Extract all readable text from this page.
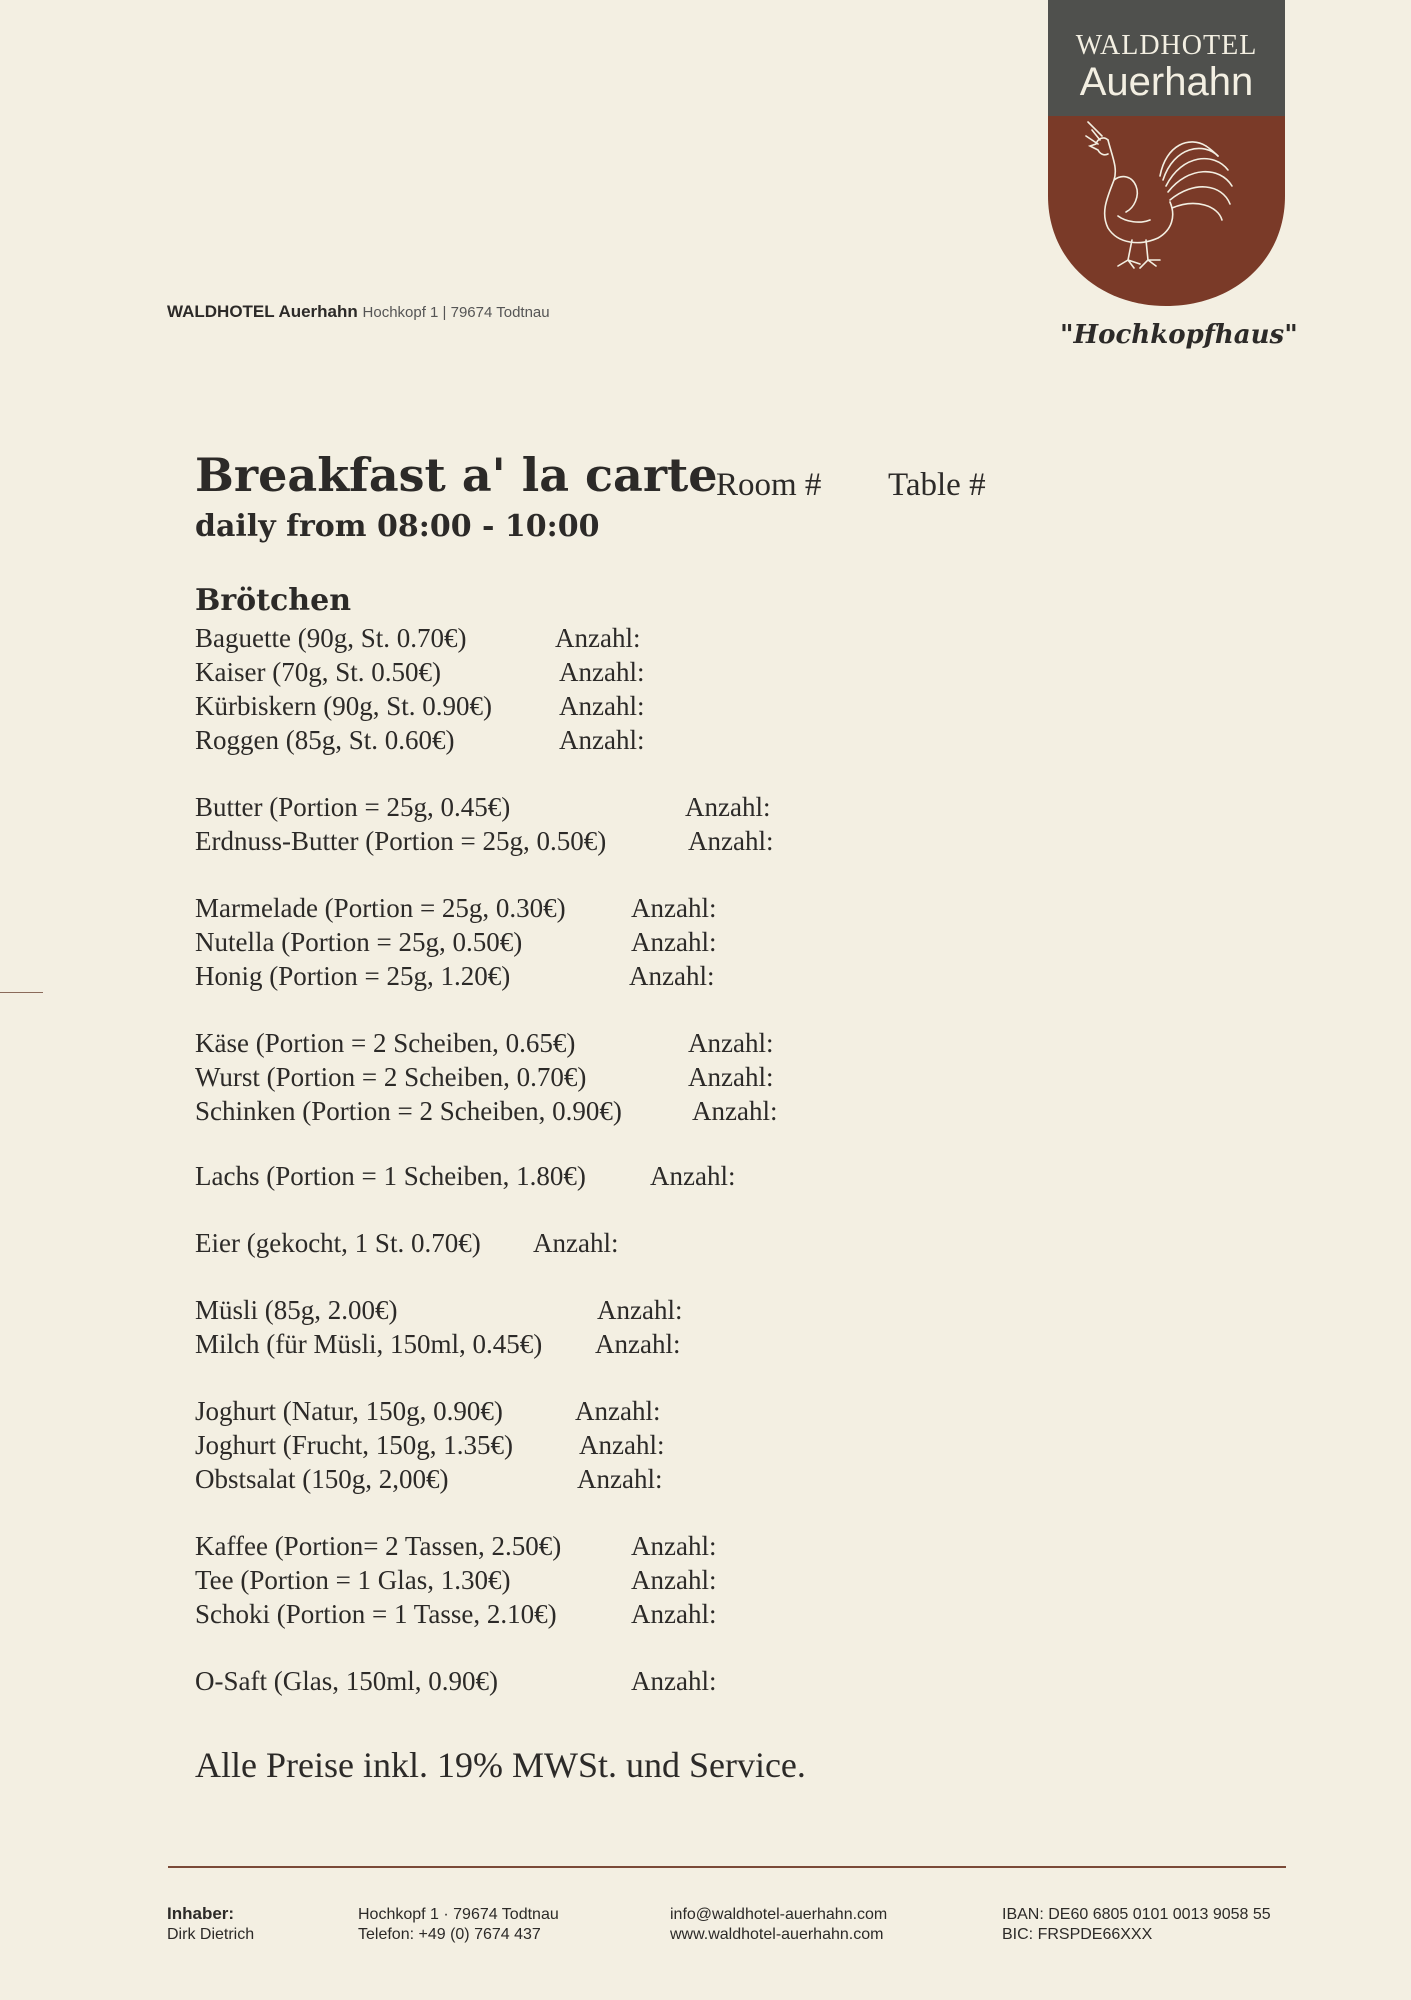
WALDHOTEL
Auerhahn
"Hochkopfhaus"
WALDHOTEL Auerhahn Hochkopf 1 | 79674 Todtnau
Breakfast a' la carte
Room # Table #
daily from 08:00 - 10:00
Brötchen
Baguette (90g, St. 0.70€)	Anzahl:
Kaiser (70g, St. 0.50€)	Anzahl:
Kürbiskern (90g, St. 0.90€) Anzahl:
Roggen (85g, St. 0.60€)	Anzahl:
Butter (Portion = 25g, 0.45€)	Anzahl:
Erdnuss-Butter (Portion = 25g, 0.50€)	Anzahl:
Marmelade (Portion = 25g, 0.30€) Anzahl:
Nutella (Portion = 25g, 0.50€)	Anzahl:
Honig (Portion = 25g, 1.20€)	Anzahl:
Käse (Portion = 2 Scheiben, 0.65€)	Anzahl:
Wurst (Portion = 2 Scheiben, 0.70€)	Anzahl:
Schinken (Portion = 2 Scheiben, 0.90€)	Anzahl:
Lachs (Portion = 1 Scheiben, 1.80€) Anzahl:
Eier (gekocht, 1 St. 0.70€) Anzahl:
Müsli (85g, 2.00€)	Anzahl:
Milch (für Müsli, 150ml, 0.45€) Anzahl:
Joghurt (Natur, 150g, 0.90€)	Anzahl:
Joghurt (Frucht, 150g, 1.35€) Anzahl:
Obstsalat (150g, 2,00€)	Anzahl:
Kaffee (Portion= 2 Tassen, 2.50€)	Anzahl:
Tee (Portion = 1 Glas, 1.30€)	Anzahl:
Schoki (Portion = 1 Tasse, 2.10€)	Anzahl:
O-Saft (Glas, 150ml, 0.90€)	Anzahl:
Alle Preise inkl. 19% MWSt. und Service.
Inhaber:
Dirk Dietrich
Hochkopf 1 · 79674 Todtnau
Telefon: +49 (0) 7674 437
info@waldhotel-auerhahn.com
www.waldhotel-auerhahn.com
IBAN: DE60 6805 0101 0013 9058 55
BIC: FRSPDE66XXX
